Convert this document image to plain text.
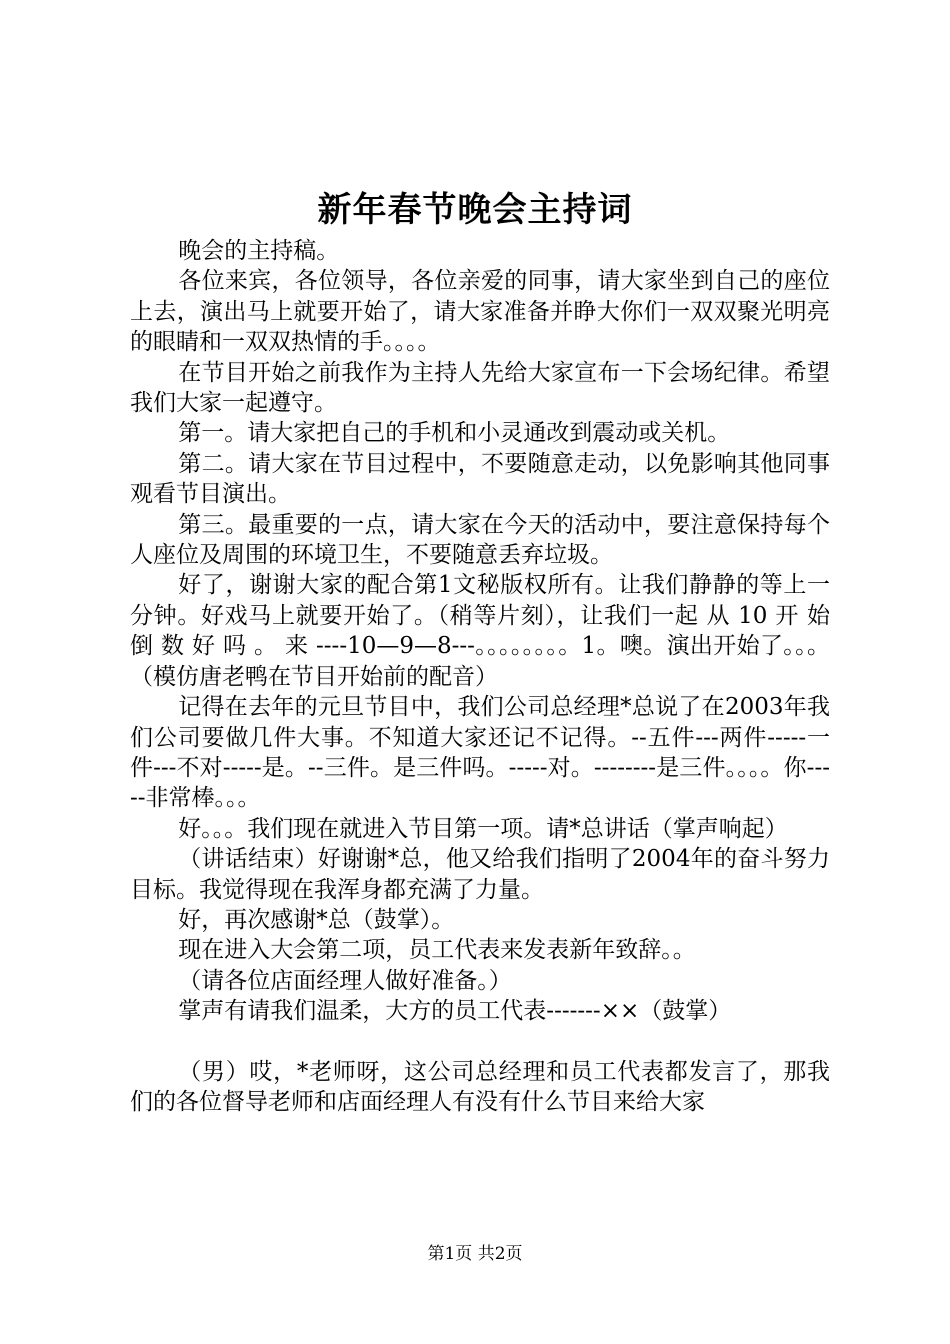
新年春节晚会主持词

晚会的主持稿。

各位来宾，各位领导，各位亲爱的同事，请大家坐到自己的座位上去，演出马上就要开始了，请大家准备并睁大你们一双双聚光明亮的眼睛和一双双热情的手。。。。

在节目开始之前我作为主持人先给大家宣布一下会场纪律。希望我们大家一起遵守。

第一。请大家把自己的手机和小灵通改到震动或关机。

第二。请大家在节目过程中，不要随意走动，以免影响其他同事观看节目演出。

第三。最重要的一点，请大家在今天的活动中，要注意保持每个人座位及周围的环境卫生，不要随意丢弃垃圾。

好了，谢谢大家的配合第1文秘版权所有。让我们静静的等上一分钟。好戏马上就要开始了。（稍等片刻），让我们一起 从 10 开 始 倒 数 好 吗 。 来 ----10—9—8---。。。。。。。。1。噢。演出开始了。。。（模仿唐老鸭在节目开始前的配音）

记得在去年的元旦节目中，我们公司总经理*总说了在2003年我们公司要做几件大事。不知道大家还记不记得。--五件---两件-----一件---不对-----是。--三件。是三件吗。-----对。--------是三件。。。。你-----非常棒。。。

好。。。我们现在就进入节目第一项。请*总讲话（掌声响起）

（讲话结束）好谢谢*总，他又给我们指明了2004年的奋斗努力目标。我觉得现在我浑身都充满了力量。

好，再次感谢*总（鼓掌）。

现在进入大会第二项，员工代表来发表新年致辞。。

（请各位店面经理人做好准备。）

掌声有请我们温柔，大方的员工代表-------××（鼓掌）

（男）哎，*老师呀，这公司总经理和员工代表都发言了，那我们的各位督导老师和店面经理人有没有什么节目来给大家

第1页 共2页
